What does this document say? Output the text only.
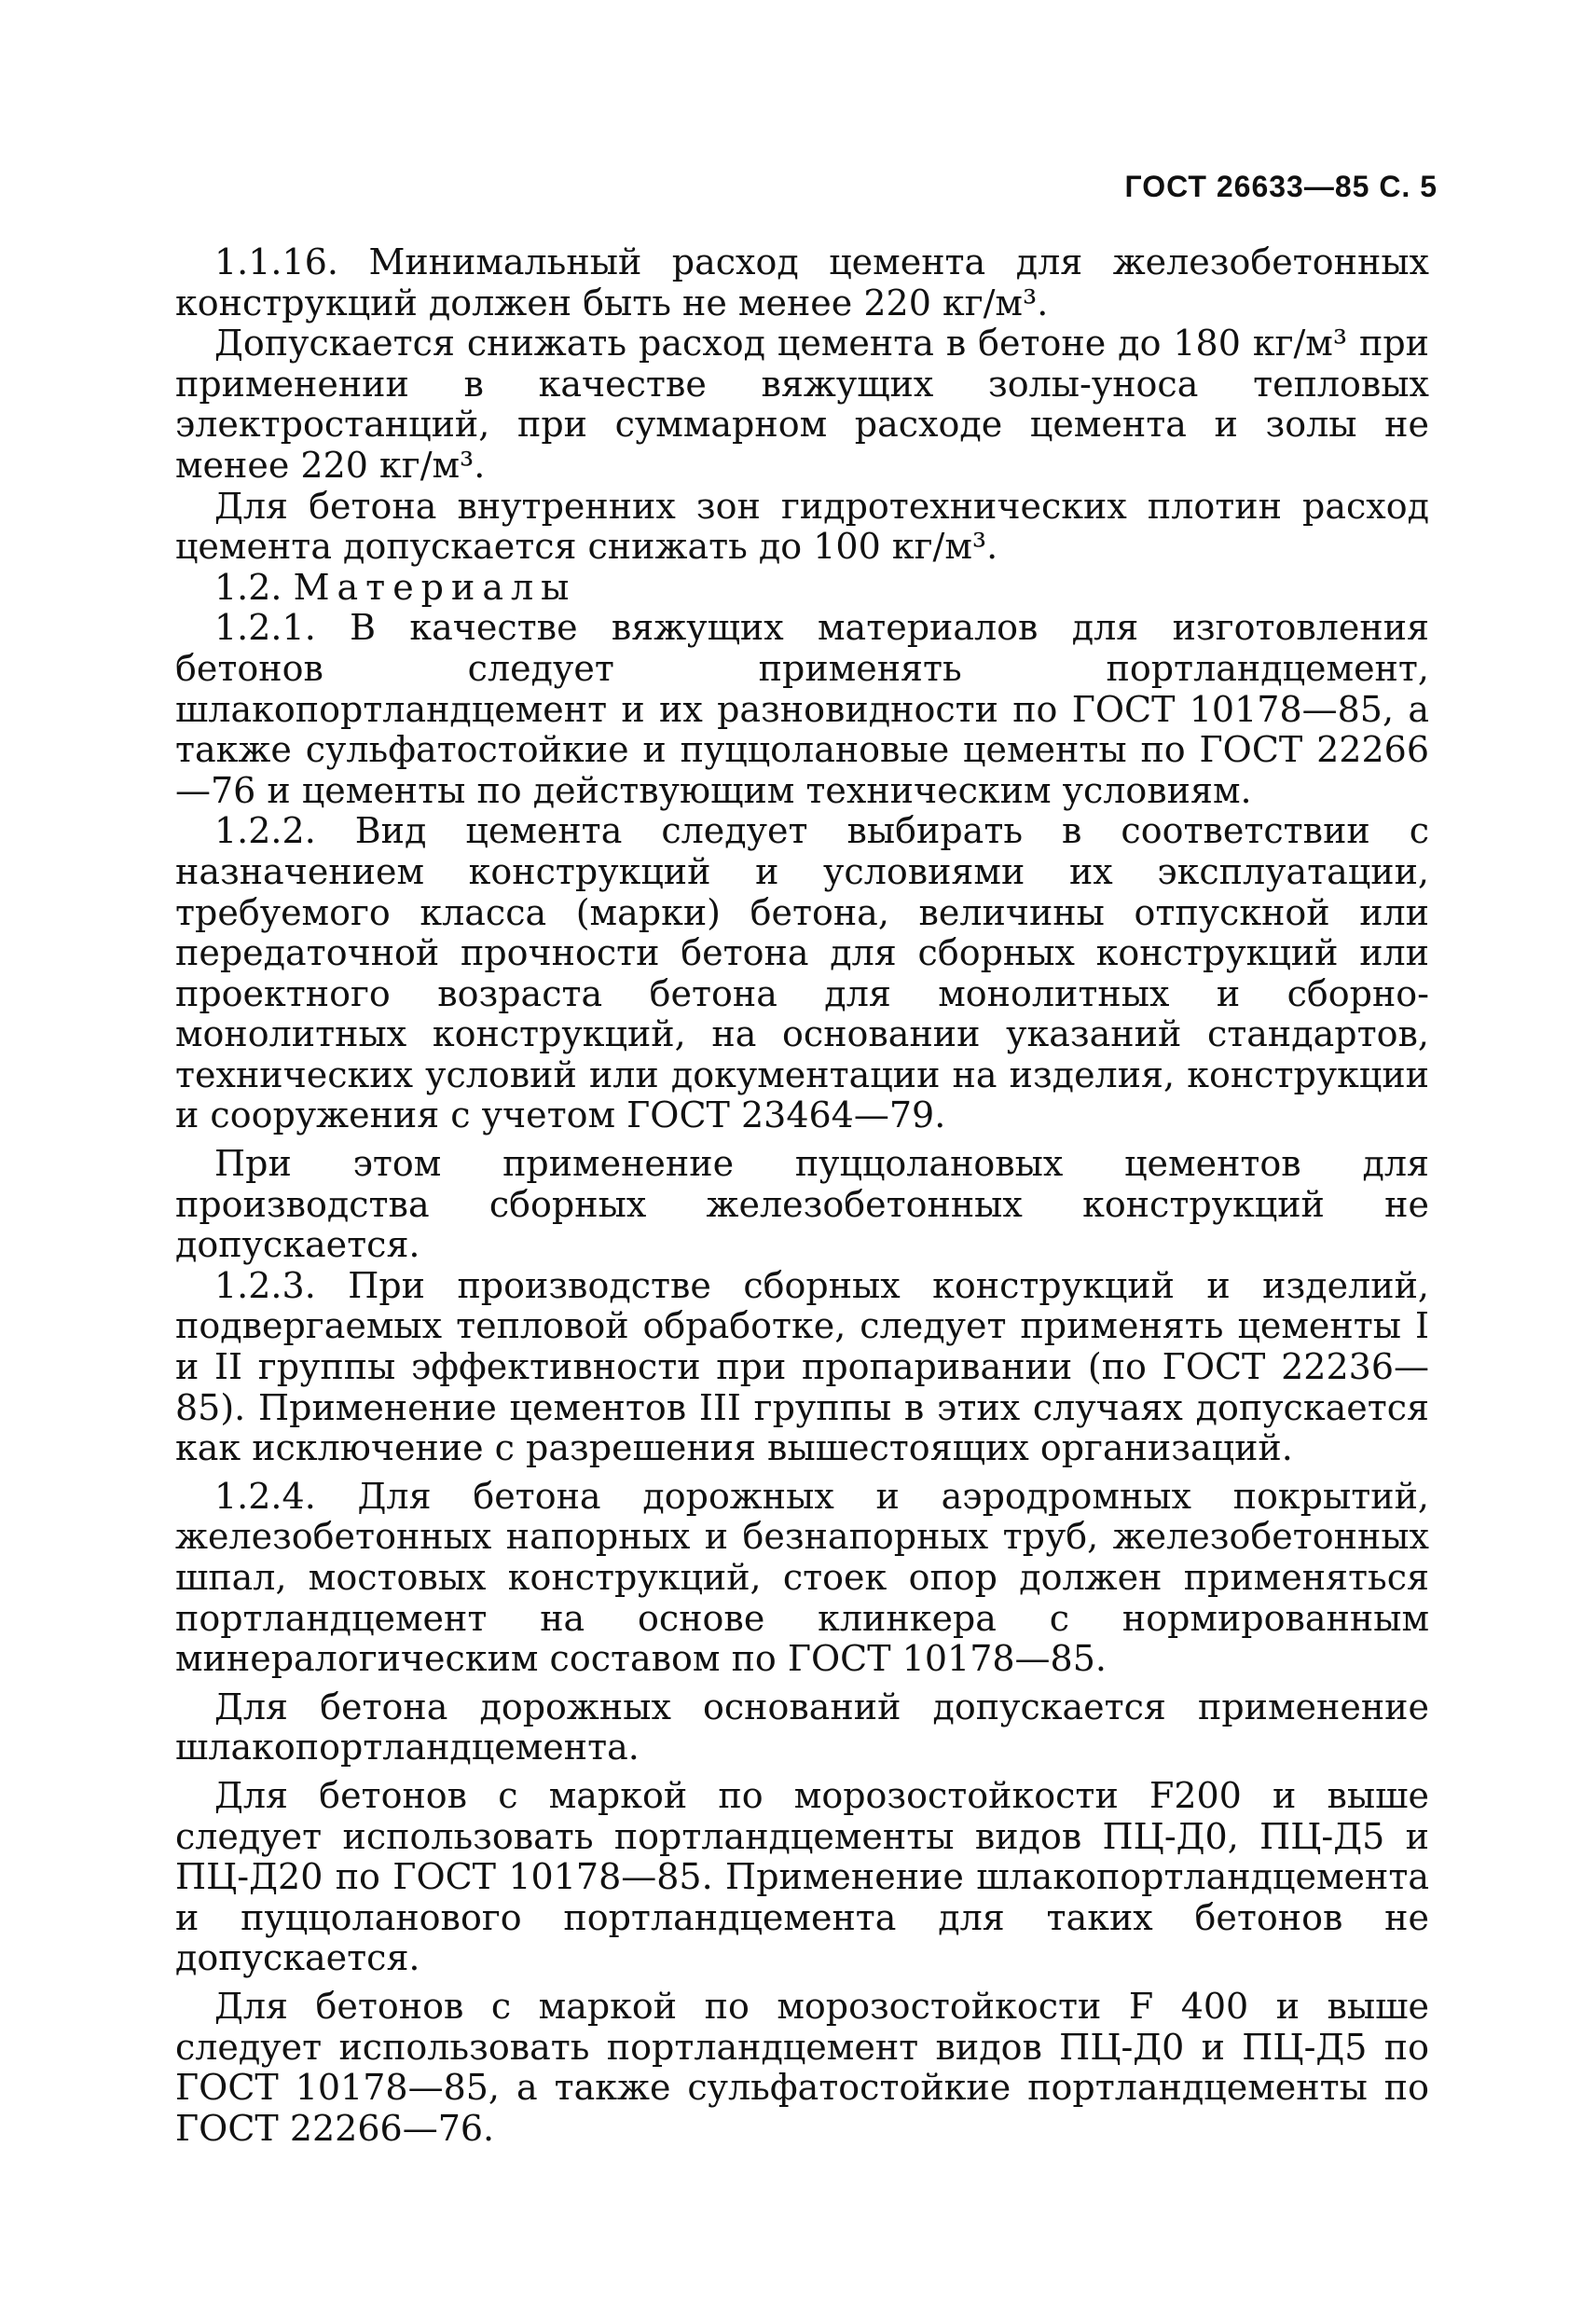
ГОСТ 26633—85 С. 5

1.1.16. Минимальный расход цемента для железобетонных конструкций должен быть не менее 220 кг/м³.

Допускается снижать расход цемента в бетоне до 180 кг/м³ при применении в качестве вяжущих золы-уноса тепловых электростанций, при суммарном расходе цемента и золы не менее 220 кг/м³.

Для бетона внутренних зон гидротехнических плотин расход цемента допускается снижать до 100 кг/м³.

1.2. Материалы

1.2.1. В качестве вяжущих материалов для изготовления бетонов следует применять портландцемент, шлакопортландцемент и их разновидности по ГОСТ 10178—85, а также сульфатостойкие и пуццолановые цементы по ГОСТ 22266—76 и цементы по действующим техническим условиям.

1.2.2. Вид цемента следует выбирать в соответствии с назначением конструкций и условиями их эксплуатации, требуемого класса (марки) бетона, величины отпускной или передаточной прочности бетона для сборных конструкций или проектного возраста бетона для монолитных и сборно-монолитных конструкций, на основании указаний стандартов, технических условий или документации на изделия, конструкции и сооружения с учетом ГОСТ 23464—79.

При этом применение пуццолановых цементов для производства сборных железобетонных конструкций не допускается.

1.2.3. При производстве сборных конструкций и изделий, подвергаемых тепловой обработке, следует применять цементы I и II группы эффективности при пропаривании (по ГОСТ 22236—85). Применение цементов III группы в этих случаях допускается как исключение с разрешения вышестоящих организаций.

1.2.4. Для бетона дорожных и аэродромных покрытий, железобетонных напорных и безнапорных труб, железобетонных шпал, мостовых конструкций, стоек опор должен применяться портландцемент на основе клинкера с нормированным минералогическим составом по ГОСТ 10178—85.

Для бетона дорожных оснований допускается применение шлакопортландцемента.

Для бетонов с маркой по морозостойкости F200 и выше следует использовать портландцементы видов ПЦ-Д0, ПЦ-Д5 и ПЦ-Д20 по ГОСТ 10178—85. Применение шлакопортландцемента и пуццоланового портландцемента для таких бетонов не допускается.

Для бетонов с маркой по морозостойкости F 400 и выше следует использовать портландцемент видов ПЦ-Д0 и ПЦ-Д5 по ГОСТ 10178—85, а также сульфатостойкие портландцементы по ГОСТ 22266—76.
